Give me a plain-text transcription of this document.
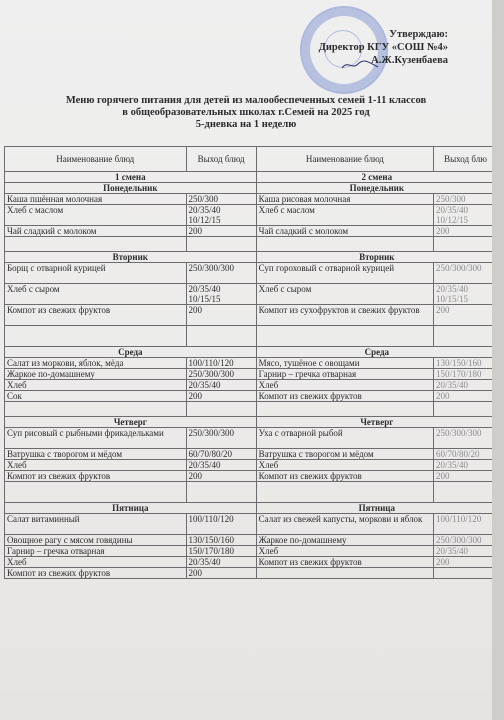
Утверждаю:
Директор КГУ «СОШ №4»
А.Ж.Кузенбаева
Меню горячего питания для детей из малообеспеченных семей 1-11 классов
в общеобразовательных школах г.Семей на 2025 год
5-дневка на 1 неделю
Наименование блюд	Выход блюд	Наименование блюд	Выход блю
1 смена		2 смена	
Понедельник		Понедельник	
Каша пшённая молочная	250/300	Каша рисовая молочная	250/300
Хлеб с маслом	20/35/40 10/12/15	Хлеб с маслом	20/35/40 10/12/15
Чай сладкий с молоком	200	Чай сладкий с молоком	200

Вторник		Вторник	
Борщ с отварной курицей	250/300/300	Суп гороховый с отварной курицей	250/300/300
Хлеб с сыром	20/35/40 10/15/15	Хлеб с сыром	20/35/40 10/15/15
Компот из свежих фруктов	200	Компот из сухофруктов и свежих фруктов	200

Среда		Среда	
Салат из моркови, яблок, мёда	100/110/120	Мясо, тушёное с овощами	130/150/160
Жаркое по-домашнему	250/300/300	Гарнир – гречка отварная	150/170/180
Хлеб	20/35/40	Хлеб	20/35/40
Сок	200	Компот из свежих фруктов	200

Четверг		Четверг	
Суп рисовый с рыбными фрикадельками	250/300/300	Уха с отварной рыбой	250/300/300
Ватрушка с творогом и мёдом	60/70/80/20	Ватрушка с творогом и мёдом	60/70/80/20
Хлеб	20/35/40	Хлеб	20/35/40
Компот из свежих фруктов	200	Компот из свежих фруктов	200

Пятница		Пятница	
Салат витаминный	100/110/120	Салат из свежей капусты, моркови и яблок	100/110/120
Овощное рагу с мясом говядины	130/150/160	Жаркое по-домашнему	250/300/300
Гарнир – гречка отварная	150/170/180	Хлеб	20/35/40
Хлеб	20/35/40	Компот из свежих фруктов	200
Компот из свежих фруктов	200		
